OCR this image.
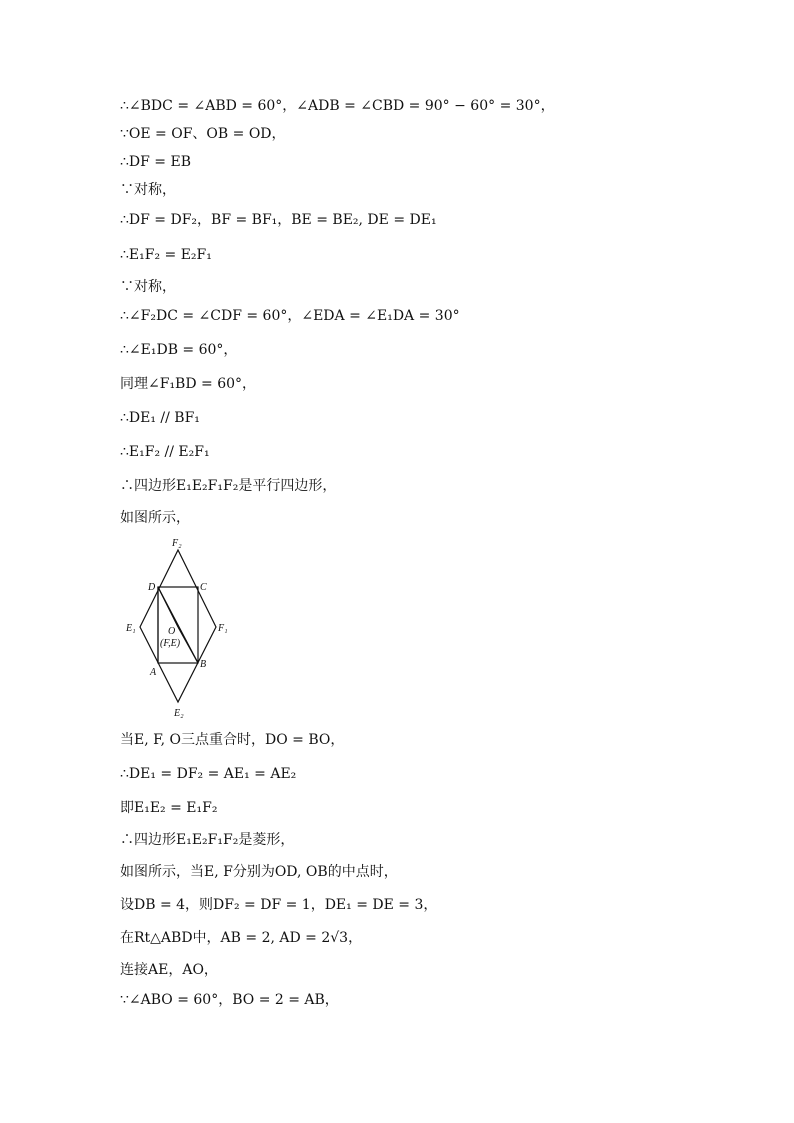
∴∠BDC = ∠ABD = 60°，∠ADB = ∠CBD = 90° − 60° = 30°，
∵OE = OF、OB = OD，
∴DF = EB
∵对称，
∴DF = DF₂，BF = BF₁，BE = BE₂, DE = DE₁
∴E₁F₂ = E₂F₁
∵对称，
∴∠F₂DC = ∠CDF = 60°，∠EDA = ∠E₁DA = 30°
∴∠E₁DB = 60°，
同理∠F₁BD = 60°，
∴DE₁ // BF₁
∴E₁F₂ // E₂F₁
∴四边形E₁E₂F₁F₂是平行四边形，
如图所示，
F₂
D	C
E₁	O
(F,E)
F₁
A
B
E₂
当E, F, O三点重合时，DO = BO，
∴DE₁ = DF₂ = AE₁ = AE₂
即E₁E₂ = E₁F₂
∴四边形E₁E₂F₁F₂是菱形，
如图所示，当E, F分别为OD, OB的中点时，
设DB = 4，则DF₂ = DF = 1，DE₁ = DE = 3，
在Rt△ABD中，AB = 2, AD = 2√3，
连接AE，AO，
∵∠ABO = 60°，BO = 2 = AB，
